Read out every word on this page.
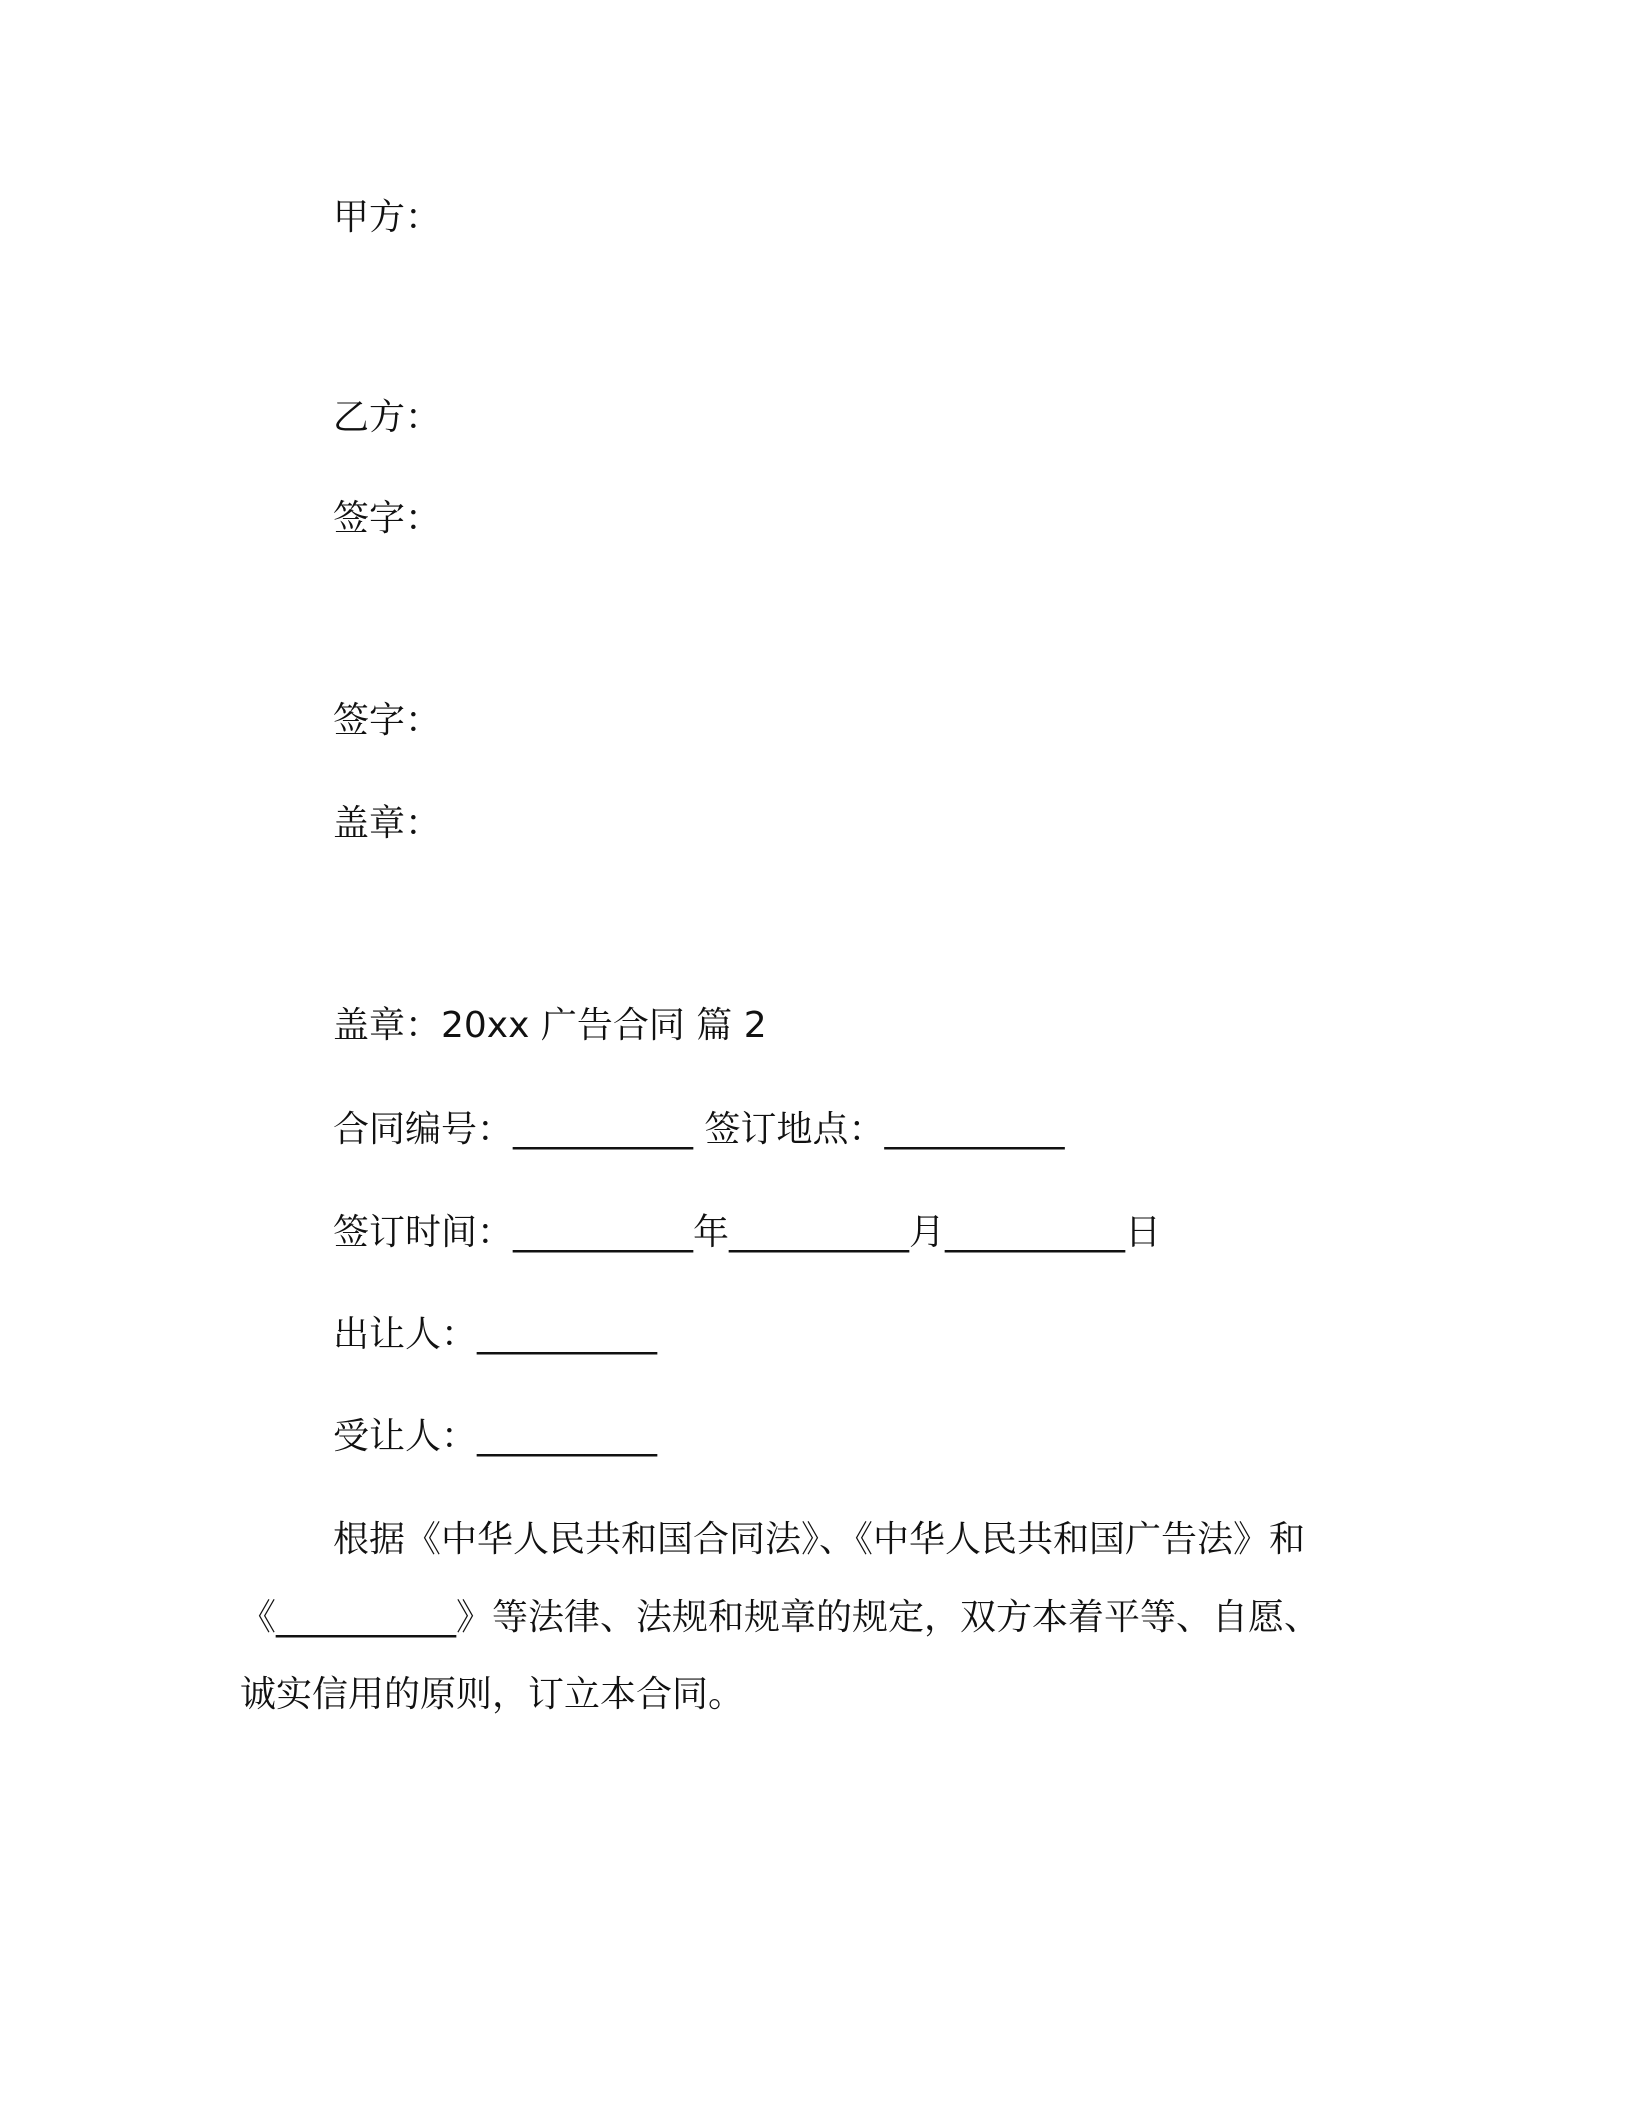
甲方：

乙方：

签字：

签字：

盖章：

盖章：20xx 广告合同 篇 2

合同编号：__________ 签订地点：__________

签订时间：__________年__________月__________日

出让人：__________

受让人：__________

根据《中华人民共和国合同法》、《中华人民共和国广告法》和

《__________》等法律、法规和规章的规定，双方本着平等、自愿、

诚实信用的原则，订立本合同。
